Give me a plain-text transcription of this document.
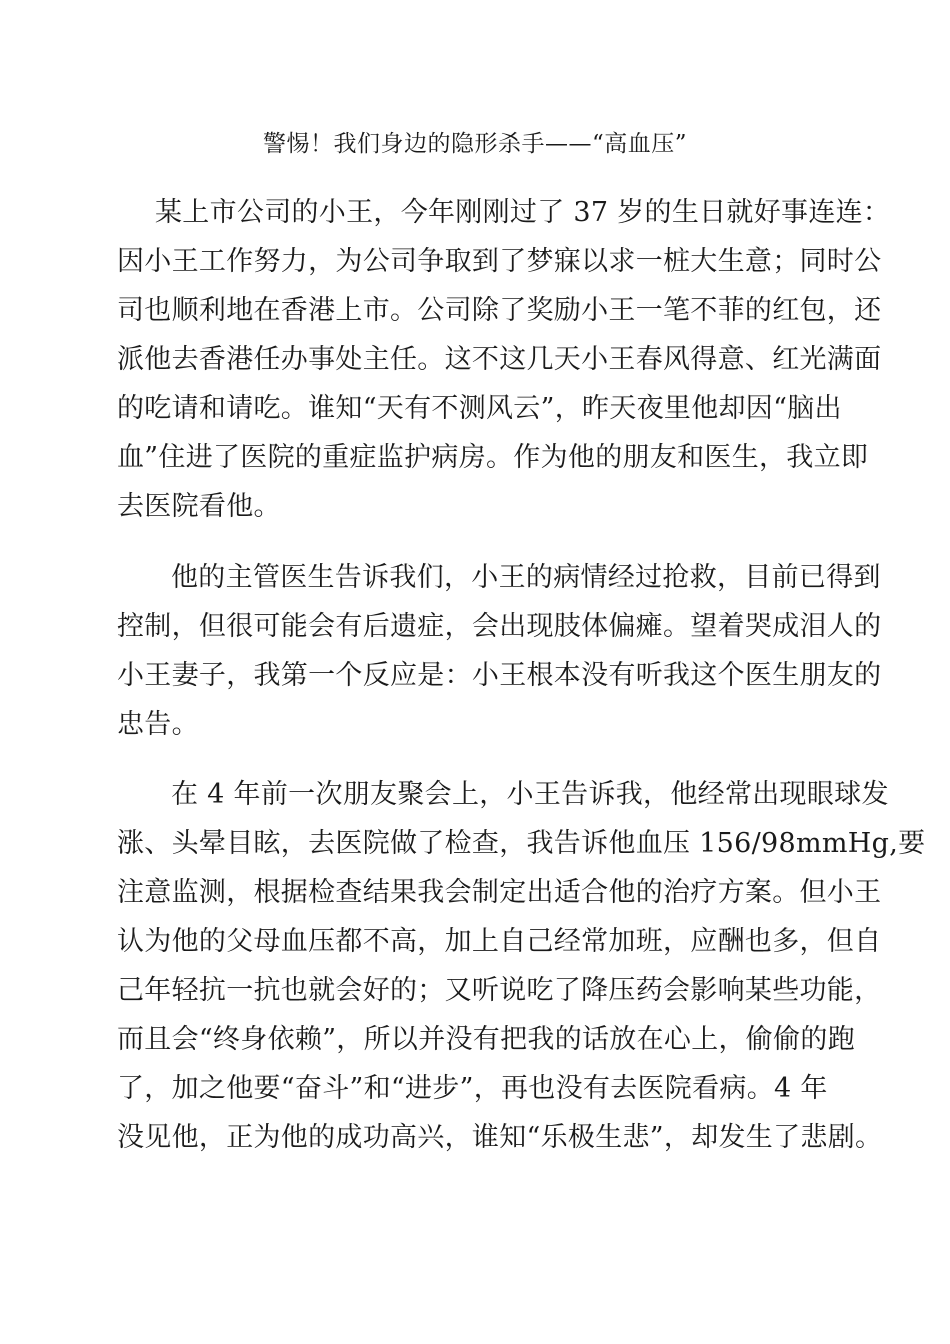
警惕！我们身边的隐形杀手——“高血压”
某上市公司的小王，今年刚刚过了 37 岁的生日就好事连连：
因小王工作努力，为公司争取到了梦寐以求一桩大生意；同时公
司也顺利地在香港上市。公司除了奖励小王一笔不菲的红包，还
派他去香港任办事处主任。这不这几天小王春风得意、红光满面
的吃请和请吃。谁知“天有不测风云”，昨天夜里他却因“脑出
血”住进了医院的重症监护病房。作为他的朋友和医生，我立即
去医院看他。
他的主管医生告诉我们，小王的病情经过抢救，目前已得到
控制，但很可能会有后遗症，会出现肢体偏瘫。望着哭成泪人的
小王妻子，我第一个反应是：小王根本没有听我这个医生朋友的
忠告。
在 4 年前一次朋友聚会上，小王告诉我，他经常出现眼球发
涨、头晕目眩，去医院做了检查，我告诉他血压 156/98mmHg,要
注意监测，根据检查结果我会制定出适合他的治疗方案。但小王
认为他的父母血压都不高，加上自己经常加班，应酬也多，但自
己年轻抗一抗也就会好的；又听说吃了降压药会影响某些功能，
而且会“终身依赖”，所以并没有把我的话放在心上，偷偷的跑
了，加之他要“奋斗”和“进步”，再也没有去医院看病。4 年
没见他，正为他的成功高兴，谁知“乐极生悲”，却发生了悲剧。
